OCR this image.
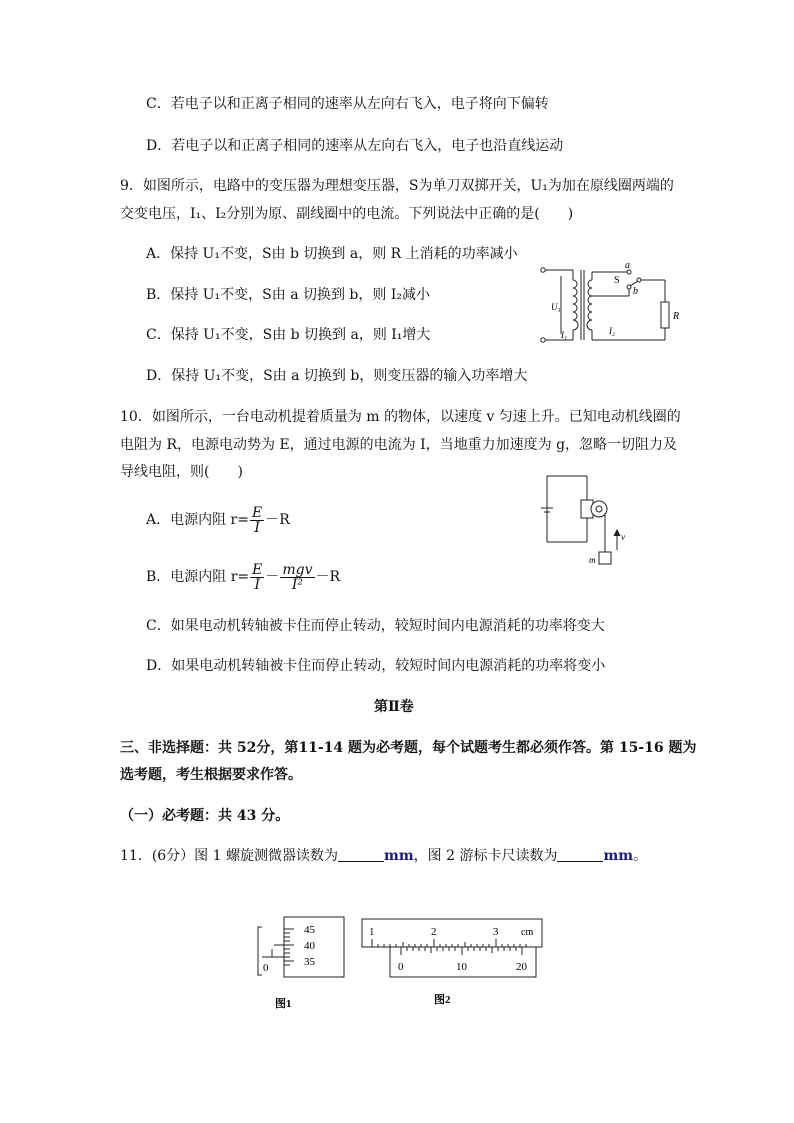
C．若电子以和正离子相同的速率从左向右飞入，电子将向下偏转
D．若电子以和正离子相同的速率从左向右飞入，电子也沿直线运动
9．如图所示，电路中的变压器为理想变压器，S为单刀双掷开关，U₁为加在原线圈两端的
交变电压，I₁、I₂分别为原、副线圈中的电流。下列说法中正确的是(　　)
A．保持 U₁不变，S由 b 切换到 a，则 R 上消耗的功率减小
B．保持 U₁不变，S由 a 切换到 b，则 I₂减小
C．保持 U₁不变，S由 b 切换到 a，则 I₁增大
D．保持 U₁不变，S由 a 切换到 b，则变压器的输入功率增大
a
S
b
U₁
I₁	I₂
R
10．如图所示，一台电动机提着质量为 m 的物体，以速度 v 匀速上升。已知电动机线圈的
电阻为 R，电源电动势为 E，通过电源的电流为 I，当地重力加速度为 g，忽略一切阻力及
导线电阻，则(　　)
A．电源内阻 $r= \frac{E}{I} -R$
B．电源内阻 $r= \frac{E}{I} - \frac{\text{mgv}}{\text{I²}} -R$
C．如果电动机转轴被卡住而停止转动，较短时间内电源消耗的功率将变大
D．如果电动机转轴被卡住而停止转动，较短时间内电源消耗的功率将变小
m
v
第Ⅱ卷
三、非选择题：共 52分，第11-14 题为必考题，每个试题考生都必须作答。第 15-16 题为
选考题，考生根据要求作答。
（一）必考题：共 43 分。
11．(6分）图 1 螺旋测微器读数为	mm，图 2 游标卡尺读数为	mm。
45
40
35
0
图1
1	2	3 cm
0	10	20
图2
